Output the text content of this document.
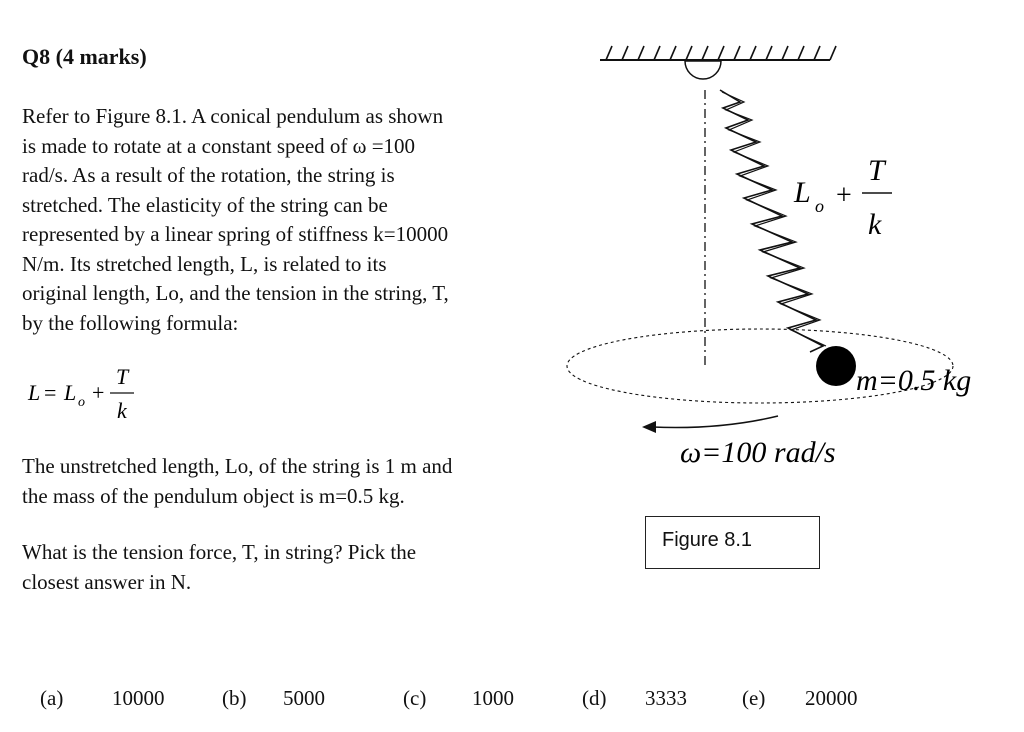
Q8 (4 marks)
Refer to Figure 8.1. A conical pendulum as shown
is made to rotate at a constant speed of ω =100
rad/s. As a result of the rotation, the string is
stretched. The elasticity of the string can be
represented by a linear spring of stiffness k=10000
N/m. Its stretched length, L, is related to its
original length, Lo, and the tension in the string, T,
by the following formula:
L = L o +
T
k
The unstretched length, Lo, of the string is 1 m and
the mass of the pendulum object is m=0.5 kg.
What is the tension force, T, in string? Pick the
closest answer in N.
L o +
T
k
m=0.5 kg
ω=100 rad/s
Figure 8.1
(a) 10000	(b) 5000	(c) 1000	(d) 3333	(e) 20000
